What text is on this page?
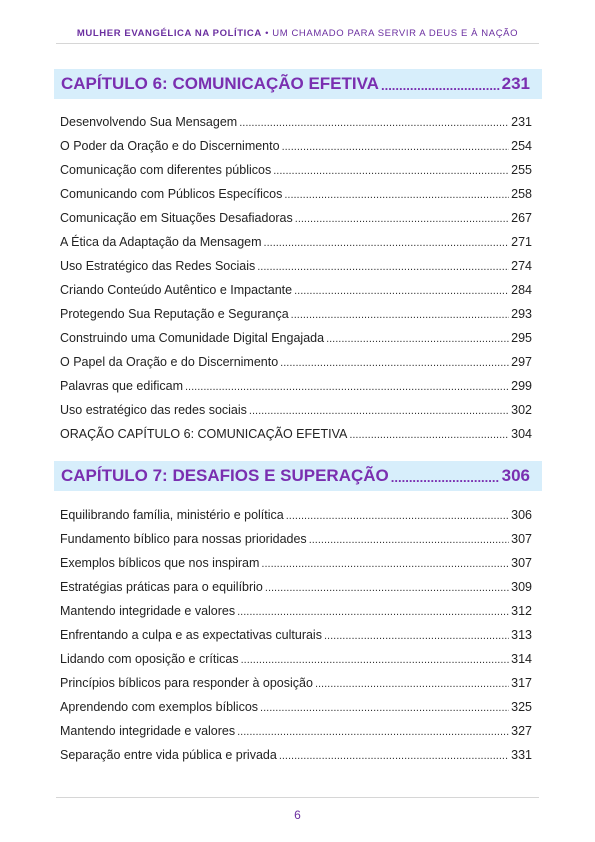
MULHER EVANGÉLICA NA POLÍTICA • UM CHAMADO PARA SERVIR A DEUS E À NAÇÃO
CAPÍTULO 6: COMUNICAÇÃO EFETIVA .....	231
Desenvolvendo Sua Mensagem .....	231
O Poder da Oração e do Discernimento .....	254
Comunicação com diferentes públicos .....	255
Comunicando com Públicos Específicos .....	258
Comunicação em Situações Desafiadoras .....	267
A Ética da Adaptação da Mensagem .....	271
Uso Estratégico das Redes Sociais .....	274
Criando Conteúdo Autêntico e Impactante .....	284
Protegendo Sua Reputação e Segurança .....	293
Construindo uma Comunidade Digital Engajada .....	295
O Papel da Oração e do Discernimento .....	297
Palavras que edificam .....	299
Uso estratégico das redes sociais .....	302
ORAÇÃO CAPÍTULO 6: COMUNICAÇÃO EFETIVA .....	304
CAPÍTULO 7: DESAFIOS E SUPERAÇÃO .....	306
Equilibrando família, ministério e política .....	306
Fundamento bíblico para nossas prioridades .....	307
Exemplos bíblicos que nos inspiram .....	307
Estratégias práticas para o equilíbrio .....	309
Mantendo integridade e valores .....	312
Enfrentando a culpa e as expectativas culturais .....	313
Lidando com oposição e críticas .....	314
Princípios bíblicos para responder à oposição .....	317
Aprendendo com exemplos bíblicos .....	325
Mantendo integridade e valores .....	327
Separação entre vida pública e privada .....	331
6
